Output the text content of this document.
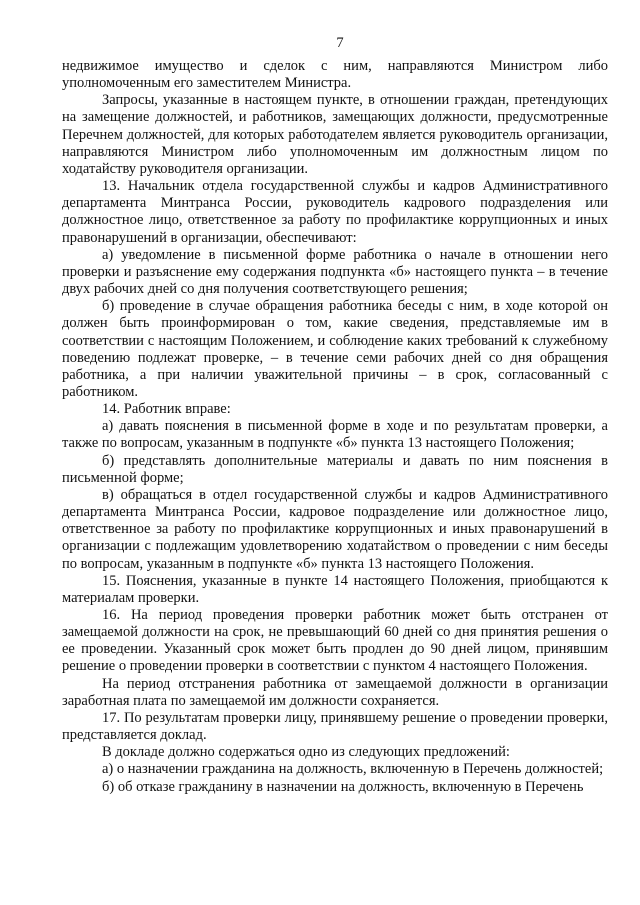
7

недвижимое имущество и сделок с ним, направляются Министром либо уполномоченным его заместителем Министра.

Запросы, указанные в настоящем пункте, в отношении граждан, претендующих на замещение должностей, и работников, замещающих должности, предусмотренные Перечнем должностей, для которых работодателем является руководитель организации, направляются Министром либо уполномоченным им должностным лицом по ходатайству руководителя организации.

13. Начальник отдела государственной службы и кадров Административного департамента Минтранса России, руководитель кадрового подразделения или должностное лицо, ответственное за работу по профилактике коррупционных и иных правонарушений в организации, обеспечивают:

а) уведомление в письменной форме работника о начале в отношении него проверки и разъяснение ему содержания подпункта «б» настоящего пункта – в течение двух рабочих дней со дня получения соответствующего решения;

б) проведение в случае обращения работника беседы с ним, в ходе которой он должен быть проинформирован о том, какие сведения, представляемые им в соответствии с настоящим Положением, и соблюдение каких требований к служебному поведению подлежат проверке, – в течение семи рабочих дней со дня обращения работника, а при наличии уважительной причины – в срок, согласованный с работником.

14. Работник вправе:

а) давать пояснения в письменной форме в ходе и по результатам проверки, а также по вопросам, указанным в подпункте «б» пункта 13 настоящего Положения;

б) представлять дополнительные материалы и давать по ним пояснения в письменной форме;

в) обращаться в отдел государственной службы и кадров Административного департамента Минтранса России, кадровое подразделение или должностное лицо, ответственное за работу по профилактике коррупционных и иных правонарушений в организации с подлежащим удовлетворению ходатайством о проведении с ним беседы по вопросам, указанным в подпункте «б» пункта 13 настоящего Положения.

15. Пояснения, указанные в пункте 14 настоящего Положения, приобщаются к материалам проверки.

16. На период проведения проверки работник может быть отстранен от замещаемой должности на срок, не превышающий 60 дней со дня принятия решения о ее проведении. Указанный срок может быть продлен до 90 дней лицом, принявшим решение о проведении проверки в соответствии с пунктом 4 настоящего Положения.

На период отстранения работника от замещаемой должности в организации заработная плата по замещаемой им должности сохраняется.

17. По результатам проверки лицу, принявшему решение о проведении проверки, представляется доклад.

В докладе должно содержаться одно из следующих предложений:

а) о назначении гражданина на должность, включенную в Перечень должностей;

б) об отказе гражданину в назначении на должность, включенную в Перечень
